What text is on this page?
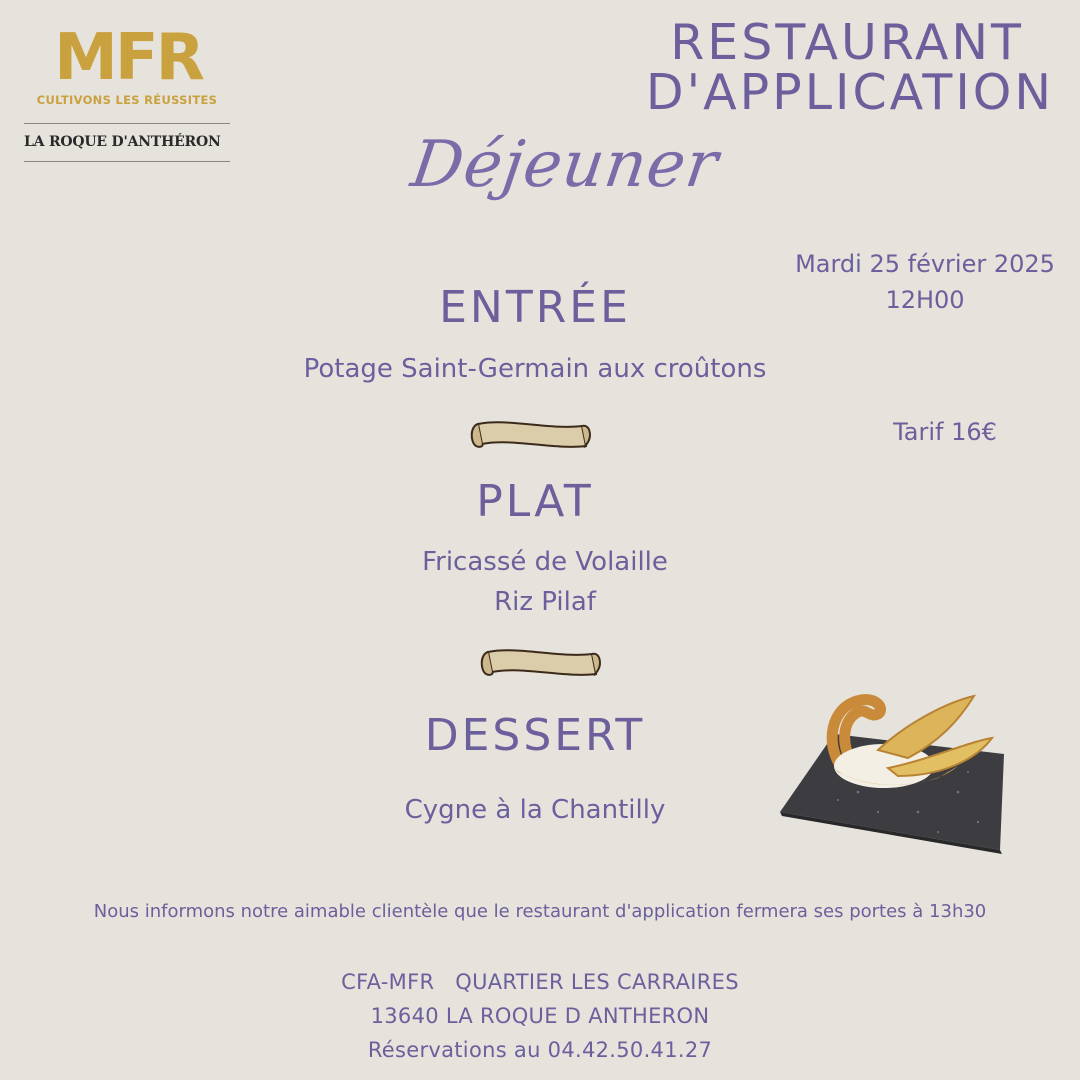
MFR
CULTIVONS LES RÉUSSITES
LA ROQUE D'ANTHÉRON
RESTAURANT
D'APPLICATION
Déjeuner
Mardi 25 février 2025
12H00
Tarif 16€
ENTRÉE
Potage Saint-Germain aux croûtons
PLAT
Fricassé de Volaille
Riz Pilaf
DESSERT
Cygne à la Chantilly
Nous informons notre aimable clientèle que le restaurant d'application fermera ses portes à 13h30
CFA-MFR   QUARTIER LES CARRAIRES
13640 LA ROQUE D ANTHERON
Réservations au 04.42.50.41.27
